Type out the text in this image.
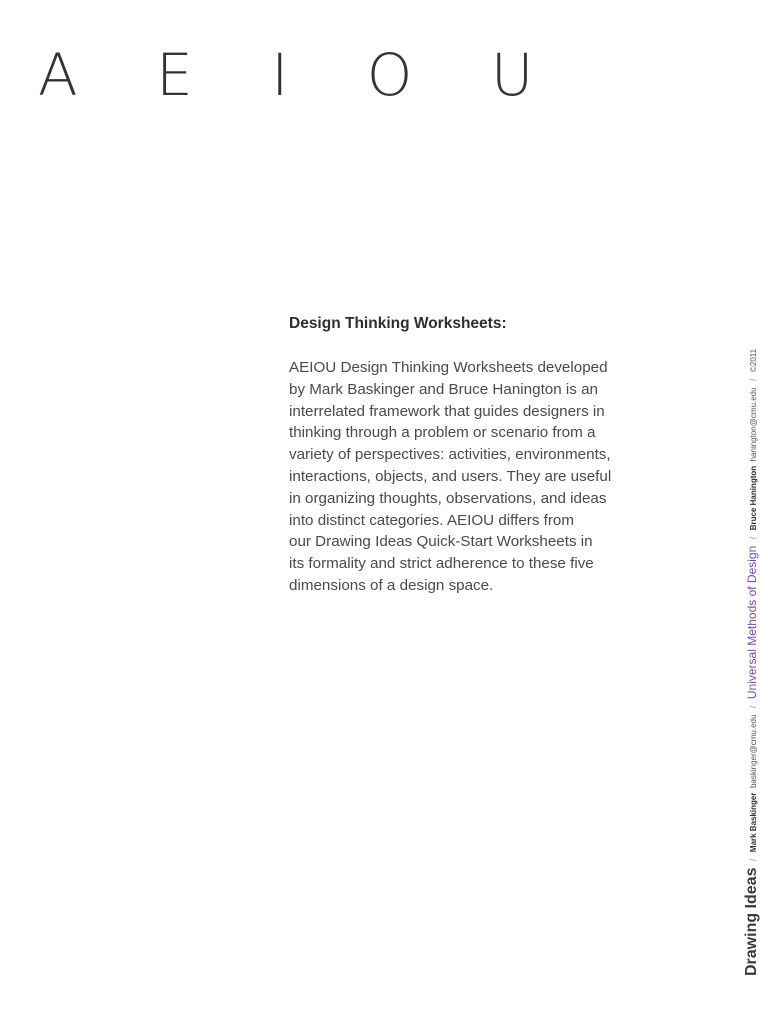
A E I O U
Design Thinking Worksheets:

AEIOU Design Thinking Worksheets developed
by Mark Baskinger and Bruce Hanington is an
interrelated framework that guides designers in
thinking through a problem or scenario from a
variety of perspectives: activities, environments,
interactions, objects, and users. They are useful
in organizing thoughts, observations, and ideas
into distinct categories. AEIOU differs from
our Drawing Ideas Quick-Start Worksheets in
its formality and strict adherence to these five
dimensions of a design space.

Drawing Ideas / Mark Baskinger baskinger@cmu.edu / Universal Methods of Design / Bruce Hanington hanington@cmu.edu / ©2011
